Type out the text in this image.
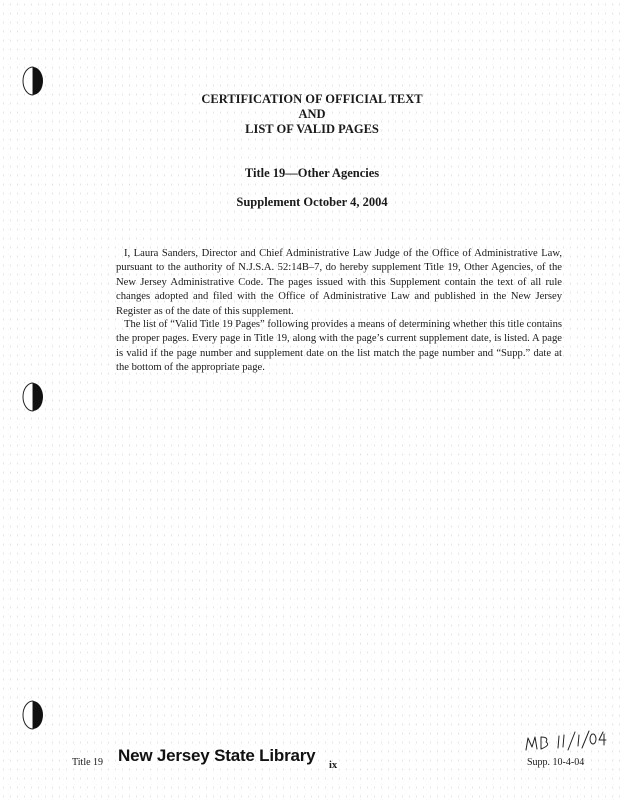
CERTIFICATION OF OFFICIAL TEXT
AND
LIST OF VALID PAGES
Title 19—Other Agencies
Supplement October 4, 2004

I, Laura Sanders, Director and Chief Administrative Law Judge of the Office of Administrative Law, pursuant to the authority of N.J.S.A. 52:14B–7, do hereby supplement Title 19, Other Agencies, of the New Jersey Administrative Code. The pages issued with this Supplement contain the text of all rule changes adopted and filed with the Office of Administrative Law and published in the New Jersey Register as of the date of this supplement.

The list of “Valid Title 19 Pages” following provides a means of determining whether this title contains the proper pages. Every page in Title 19, along with the page’s current supplement date, is listed. A page is valid if the page number and supplement date on the list match the page number and “Supp.” date at the bottom of the appropriate page.

Title 19 New Jersey State Library
ix	Supp. 10-4-04
